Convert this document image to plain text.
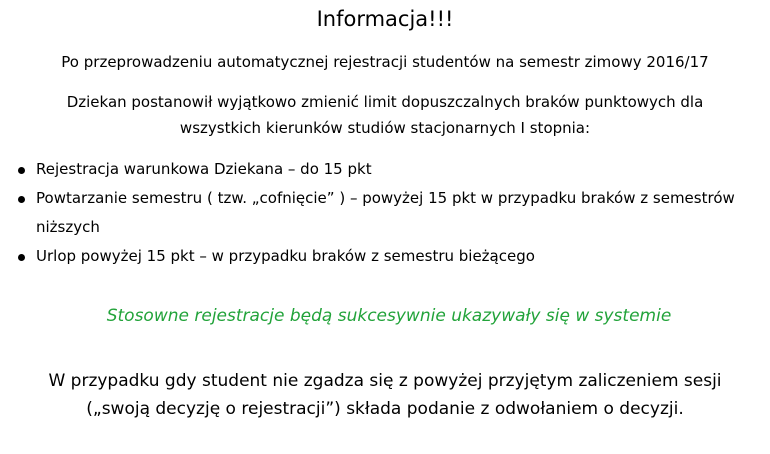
Informacja!!!
Po przeprowadzeniu automatycznej rejestracji studentów na semestr zimowy 2016/17
Dziekan postanowił wyjątkowo zmienić limit dopuszczalnych braków punktowych dla wszystkich kierunków studiów stacjonarnych I stopnia:
Rejestracja warunkowa Dziekana – do 15 pkt
Powtarzanie semestru ( tzw. „cofnięcie” ) – powyżej 15 pkt w przypadku braków z semestrów niższych
Urlop powyżej 15 pkt – w przypadku braków z semestru bieżącego
Stosowne rejestracje będą sukcesywnie ukazywały się w systemie
W przypadku gdy student nie zgadza się z powyżej przyjętym zaliczeniem sesji („swoją decyzję o rejestracji”) składa podanie z odwołaniem o decyzji.
